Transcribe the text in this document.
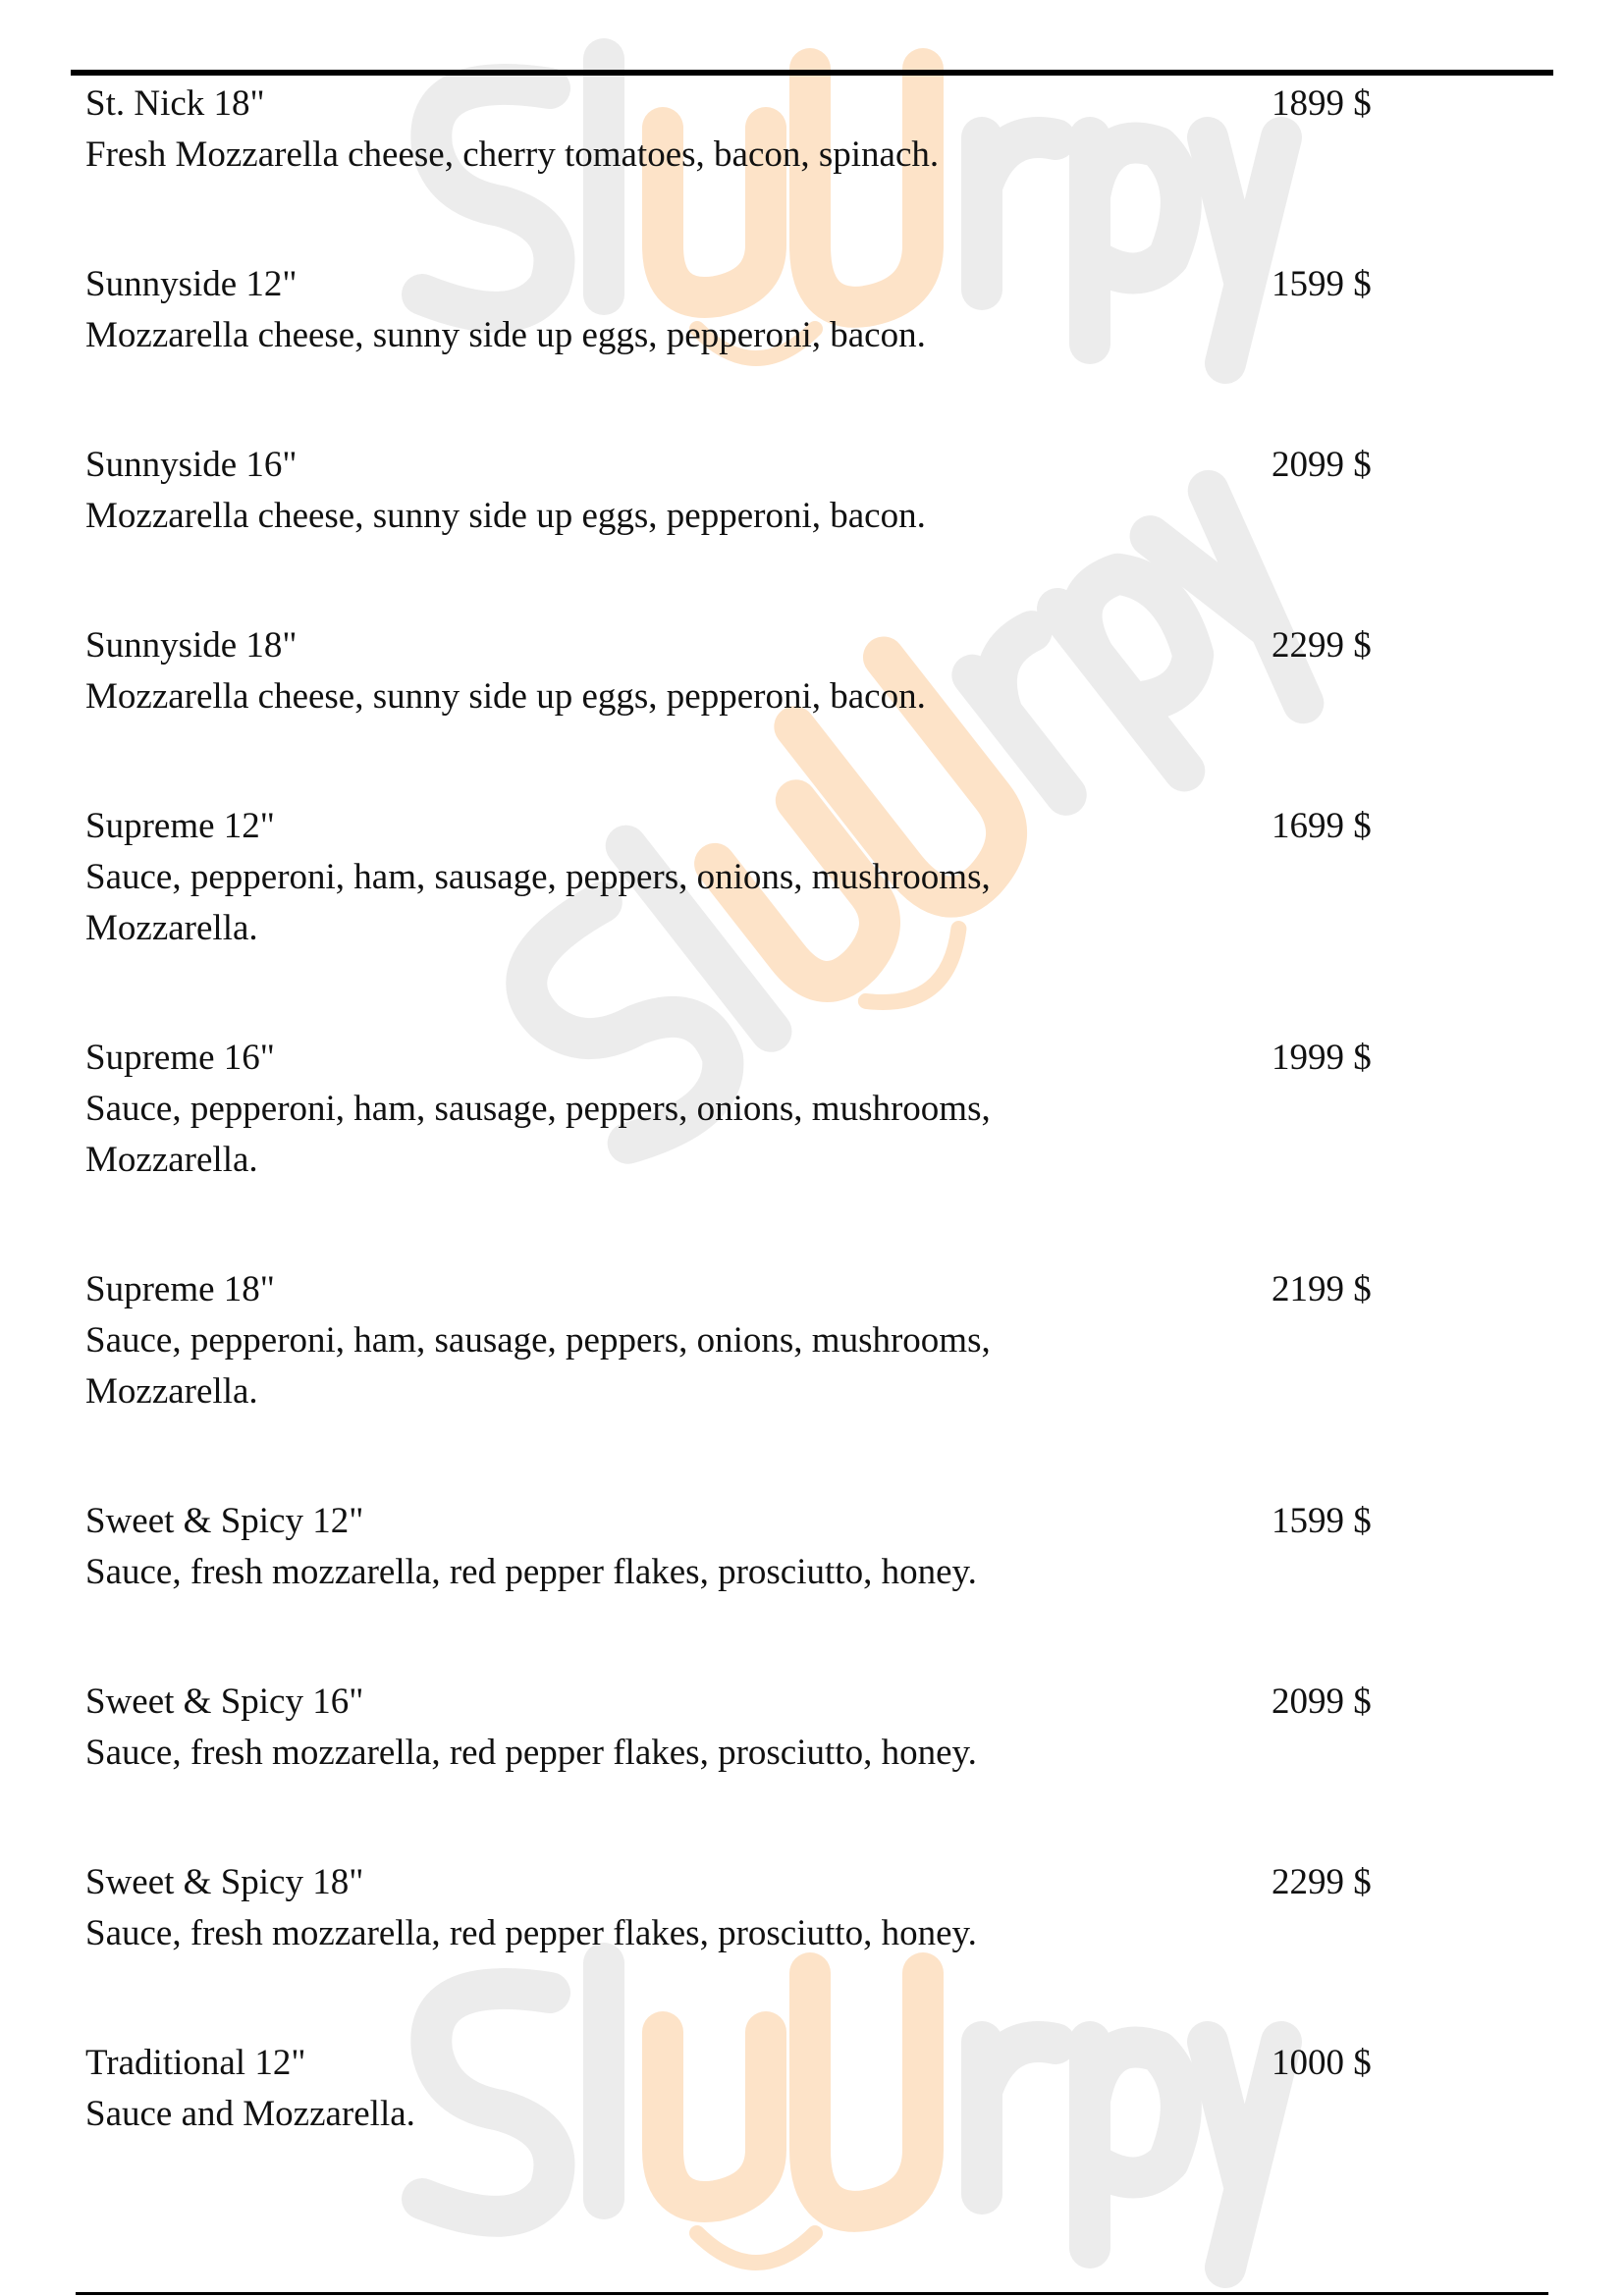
St. Nick 18"	1899 $
Fresh Mozzarella cheese, cherry tomatoes, bacon, spinach.
Sunnyside 12"	1599 $
Mozzarella cheese, sunny side up eggs, pepperoni, bacon.
Sunnyside 16"	2099 $
Mozzarella cheese, sunny side up eggs, pepperoni, bacon.
Sunnyside 18"	2299 $
Mozzarella cheese, sunny side up eggs, pepperoni, bacon.
Supreme 12"	1699 $
Sauce, pepperoni, ham, sausage, peppers, onions, mushrooms,
Mozzarella.
Supreme 16"	1999 $
Sauce, pepperoni, ham, sausage, peppers, onions, mushrooms,
Mozzarella.
Supreme 18"	2199 $
Sauce, pepperoni, ham, sausage, peppers, onions, mushrooms,
Mozzarella.
Sweet & Spicy 12"	1599 $
Sauce, fresh mozzarella, red pepper flakes, prosciutto, honey.
Sweet & Spicy 16"	2099 $
Sauce, fresh mozzarella, red pepper flakes, prosciutto, honey.
Sweet & Spicy 18"	2299 $
Sauce, fresh mozzarella, red pepper flakes, prosciutto, honey.
Traditional 12"	1000 $
Sauce and Mozzarella.
